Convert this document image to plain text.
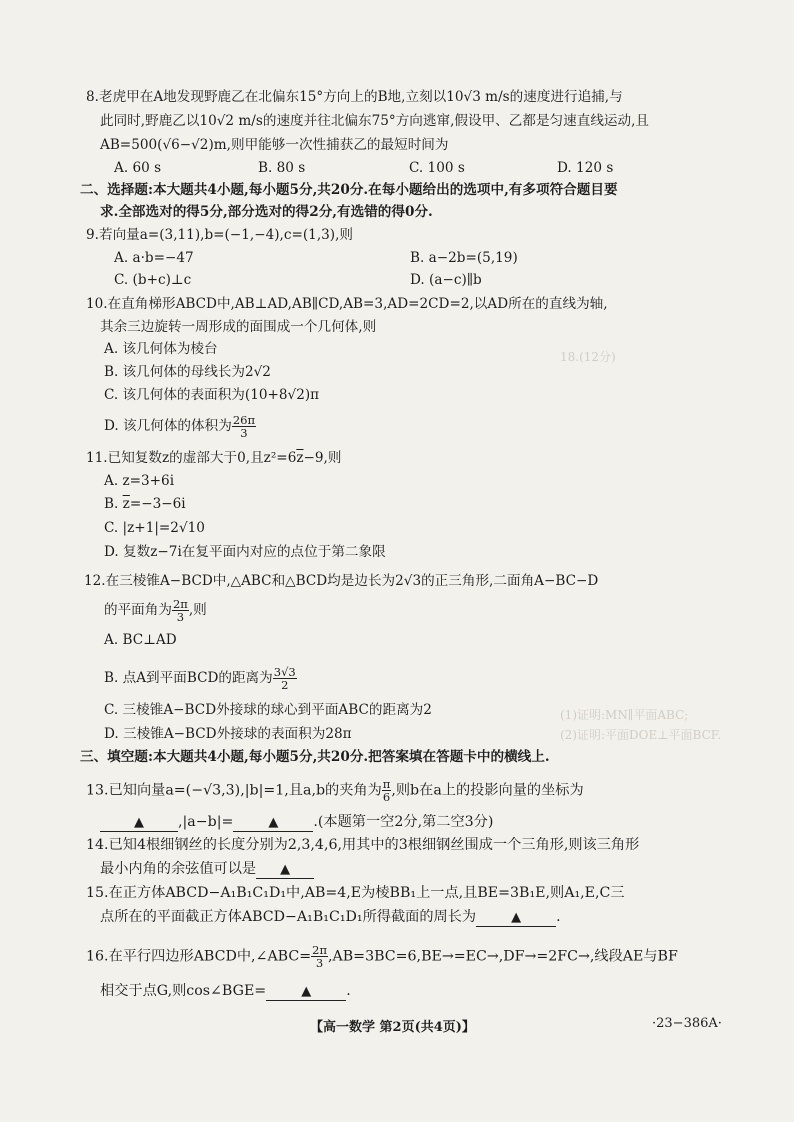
18.(12分)
(1)证明:MN∥平面ABC;
(2)证明:平面DOE⊥平面BCF.
8.老虎甲在A地发现野鹿乙在北偏东15°方向上的B地,立刻以10√3 m/s的速度进行追捕,与
此同时,野鹿乙以10√2 m/s的速度并往北偏东75°方向逃窜,假设甲、乙都是匀速直线运动,且
AB=500(√6−√2)m,则甲能够一次性捕获乙的最短时间为
A. 60 s	B. 80 s	C. 100 s	D. 120 s
二、选择题:本大题共4小题,每小题5分,共20分.在每小题给出的选项中,有多项符合题目要
求.全部选对的得5分,部分选对的得2分,有选错的得0分.
9.若向量a=(3,11),b=(−1,−4),c=(1,3),则
A. a·b=−47	B. a−2b=(5,19)
C. (b+c)⊥c	D. (a−c)∥b
10.在直角梯形ABCD中,AB⊥AD,AB∥CD,AB=3,AD=2CD=2,以AD所在的直线为轴,
其余三边旋转一周形成的面围成一个几何体,则
A. 该几何体为棱台
B. 该几何体的母线长为2√2
C. 该几何体的表面积为(10+8√2)π
D. 该几何体的体积为 $\frac{26\pi}{3}$
11.已知复数z的虚部大于0,且$z^2=6\overline{z}-9$,则
A. z=3+6i
B. $\overline{z}=-3-6i$
C. |z+1|=2√10
D. 复数z−7i在复平面内对应的点位于第二象限
12.在三棱锥A−BCD中,△ABC和△BCD均是边长为2√3的正三角形,二面角A−BC−D
的平面角为 $\frac{2\pi}{3}$ ,则
A. BC⊥AD
B. 点A到平面BCD的距离为 $\frac{3√3}{2}$
C. 三棱锥A−BCD外接球的球心到平面ABC的距离为2
D. 三棱锥A−BCD外接球的表面积为28π
三、填空题:本大题共4小题,每小题5分,共20分.把答案填在答题卡中的横线上.
13.已知向量a=(−√3,3),|b|=1,且a,b的夹角为 $\frac{\pi}{6}$ ,则b在a上的投影向量的坐标为
▲ ,|a−b|=	▲ .(本题第一空2分,第二空3分)
14.已知4根细钢丝的长度分别为2,3,4,6,用其中的3根细钢丝围成一个三角形,则该三角形
最小内角的余弦值可以是 ▲
15.在正方体ABCD−A₁B₁C₁D₁中,AB=4,E为棱BB₁上一点,且BE=3B₁E,则A₁,E,C三
点所在的平面截正方体ABCD−A₁B₁C₁D₁所得截面的周长为	▲ .
16.在平行四边形ABCD中,∠ABC= $\frac{2\pi}{3} ,AB=3BC=6,BE\to=EC\to,DF\to=2FC\to$,线段AE与BF
相交于点G,则cos∠BGE=	▲ .
【高一数学 第2页(共4页)】	·23−386A·
